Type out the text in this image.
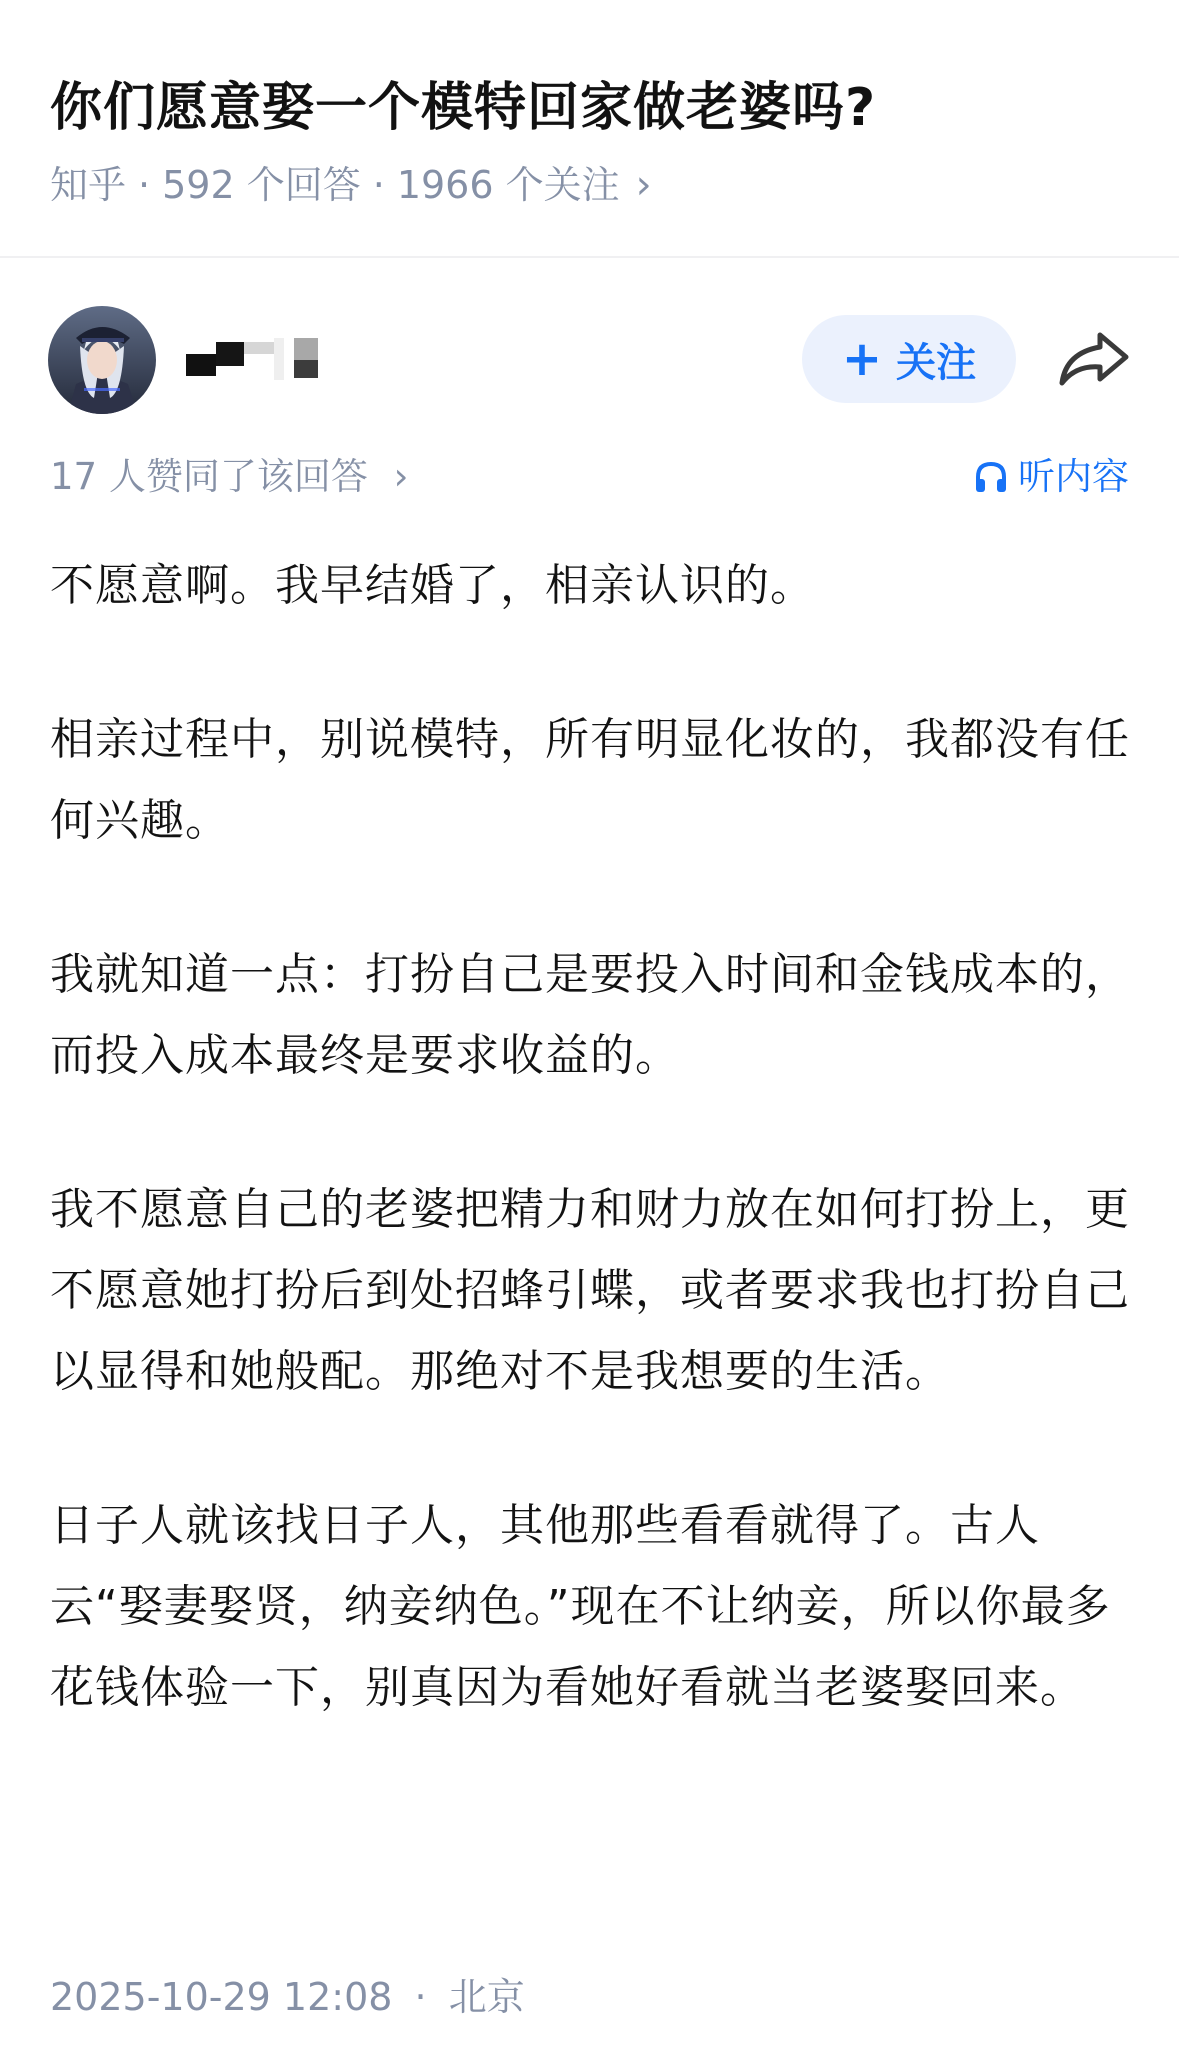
你们愿意娶一个模特回家做老婆吗?
知乎 · 592 个回答 · 1966 个关注 ›
+ 关注
17 人赞同了该回答 ›	听内容

不愿意啊。我早结婚了，相亲认识的。

相亲过程中，别说模特，所有明显化妆的，我都没有任何兴趣。

我就知道一点：打扮自己是要投入时间和金钱成本的，而投入成本最终是要求收益的。

我不愿意自己的老婆把精力和财力放在如何打扮上，更不愿意她打扮后到处招蜂引蝶，或者要求我也打扮自己以显得和她般配。那绝对不是我想要的生活。

日子人就该找日子人，其他那些看看就得了。古人云“娶妻娶贤，纳妾纳色。”现在不让纳妾，所以你最多花钱体验一下，别真因为看她好看就当老婆娶回来。

2025-10-29 12:08 · 北京
